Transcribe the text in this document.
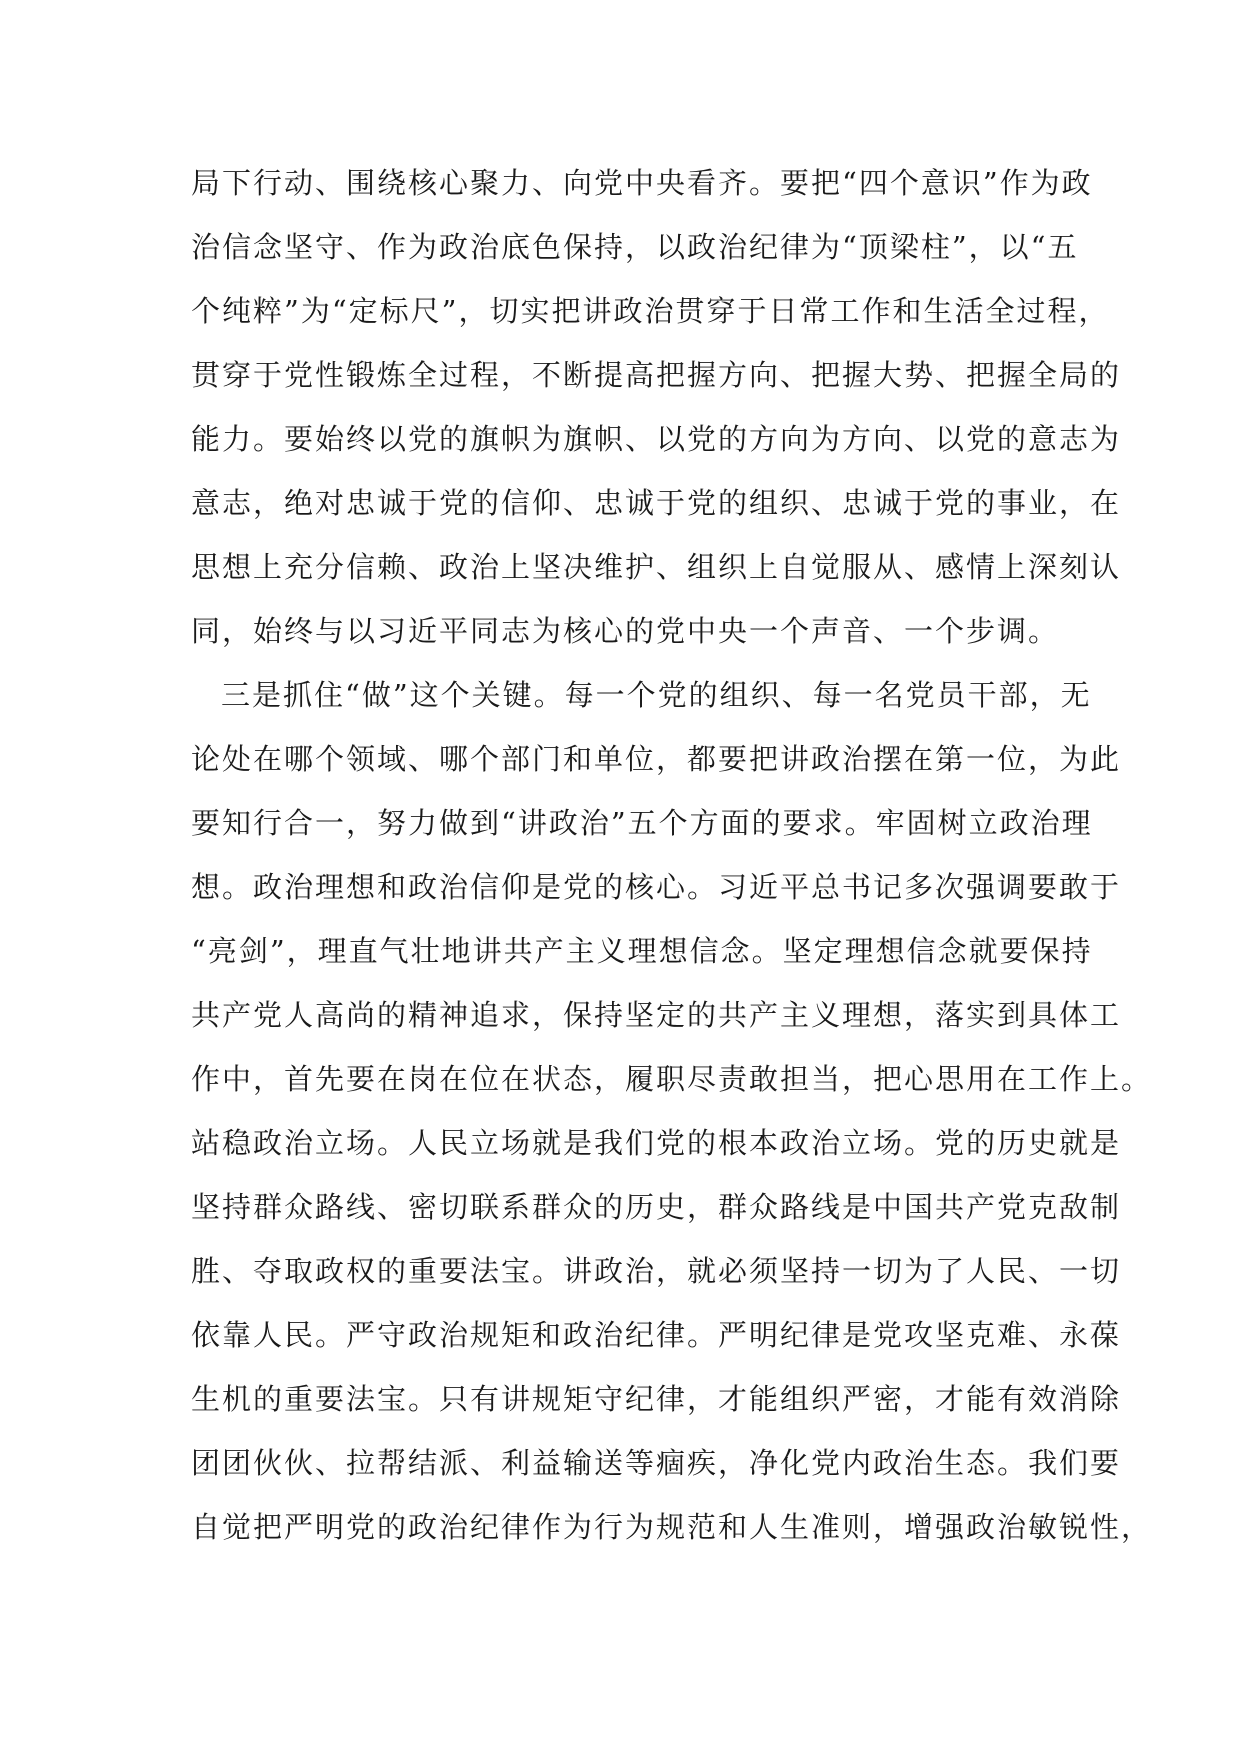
局下行动、围绕核心聚力、向党中央看齐。要把“四个意识”作为政
治信念坚守、作为政治底色保持，以政治纪律为“顶梁柱”，以“五
个纯粹”为“定标尺”，切实把讲政治贯穿于日常工作和生活全过程，
贯穿于党性锻炼全过程，不断提高把握方向、把握大势、把握全局的
能力。要始终以党的旗帜为旗帜、以党的方向为方向、以党的意志为
意志，绝对忠诚于党的信仰、忠诚于党的组织、忠诚于党的事业，在
思想上充分信赖、政治上坚决维护、组织上自觉服从、感情上深刻认
同，始终与以习近平同志为核心的党中央一个声音、一个步调。
三是抓住“做”这个关键。每一个党的组织、每一名党员干部，无
论处在哪个领域、哪个部门和单位，都要把讲政治摆在第一位，为此
要知行合一，努力做到“讲政治”五个方面的要求。牢固树立政治理
想。政治理想和政治信仰是党的核心。习近平总书记多次强调要敢于
“亮剑”，理直气壮地讲共产主义理想信念。坚定理想信念就要保持
共产党人高尚的精神追求，保持坚定的共产主义理想，落实到具体工
作中，首先要在岗在位在状态，履职尽责敢担当，把心思用在工作上。
站稳政治立场。人民立场就是我们党的根本政治立场。党的历史就是
坚持群众路线、密切联系群众的历史，群众路线是中国共产党克敌制
胜、夺取政权的重要法宝。讲政治，就必须坚持一切为了人民、一切
依靠人民。严守政治规矩和政治纪律。严明纪律是党攻坚克难、永葆
生机的重要法宝。只有讲规矩守纪律，才能组织严密，才能有效消除
团团伙伙、拉帮结派、利益输送等痼疾，净化党内政治生态。我们要
自觉把严明党的政治纪律作为行为规范和人生准则，增强政治敏锐性，
